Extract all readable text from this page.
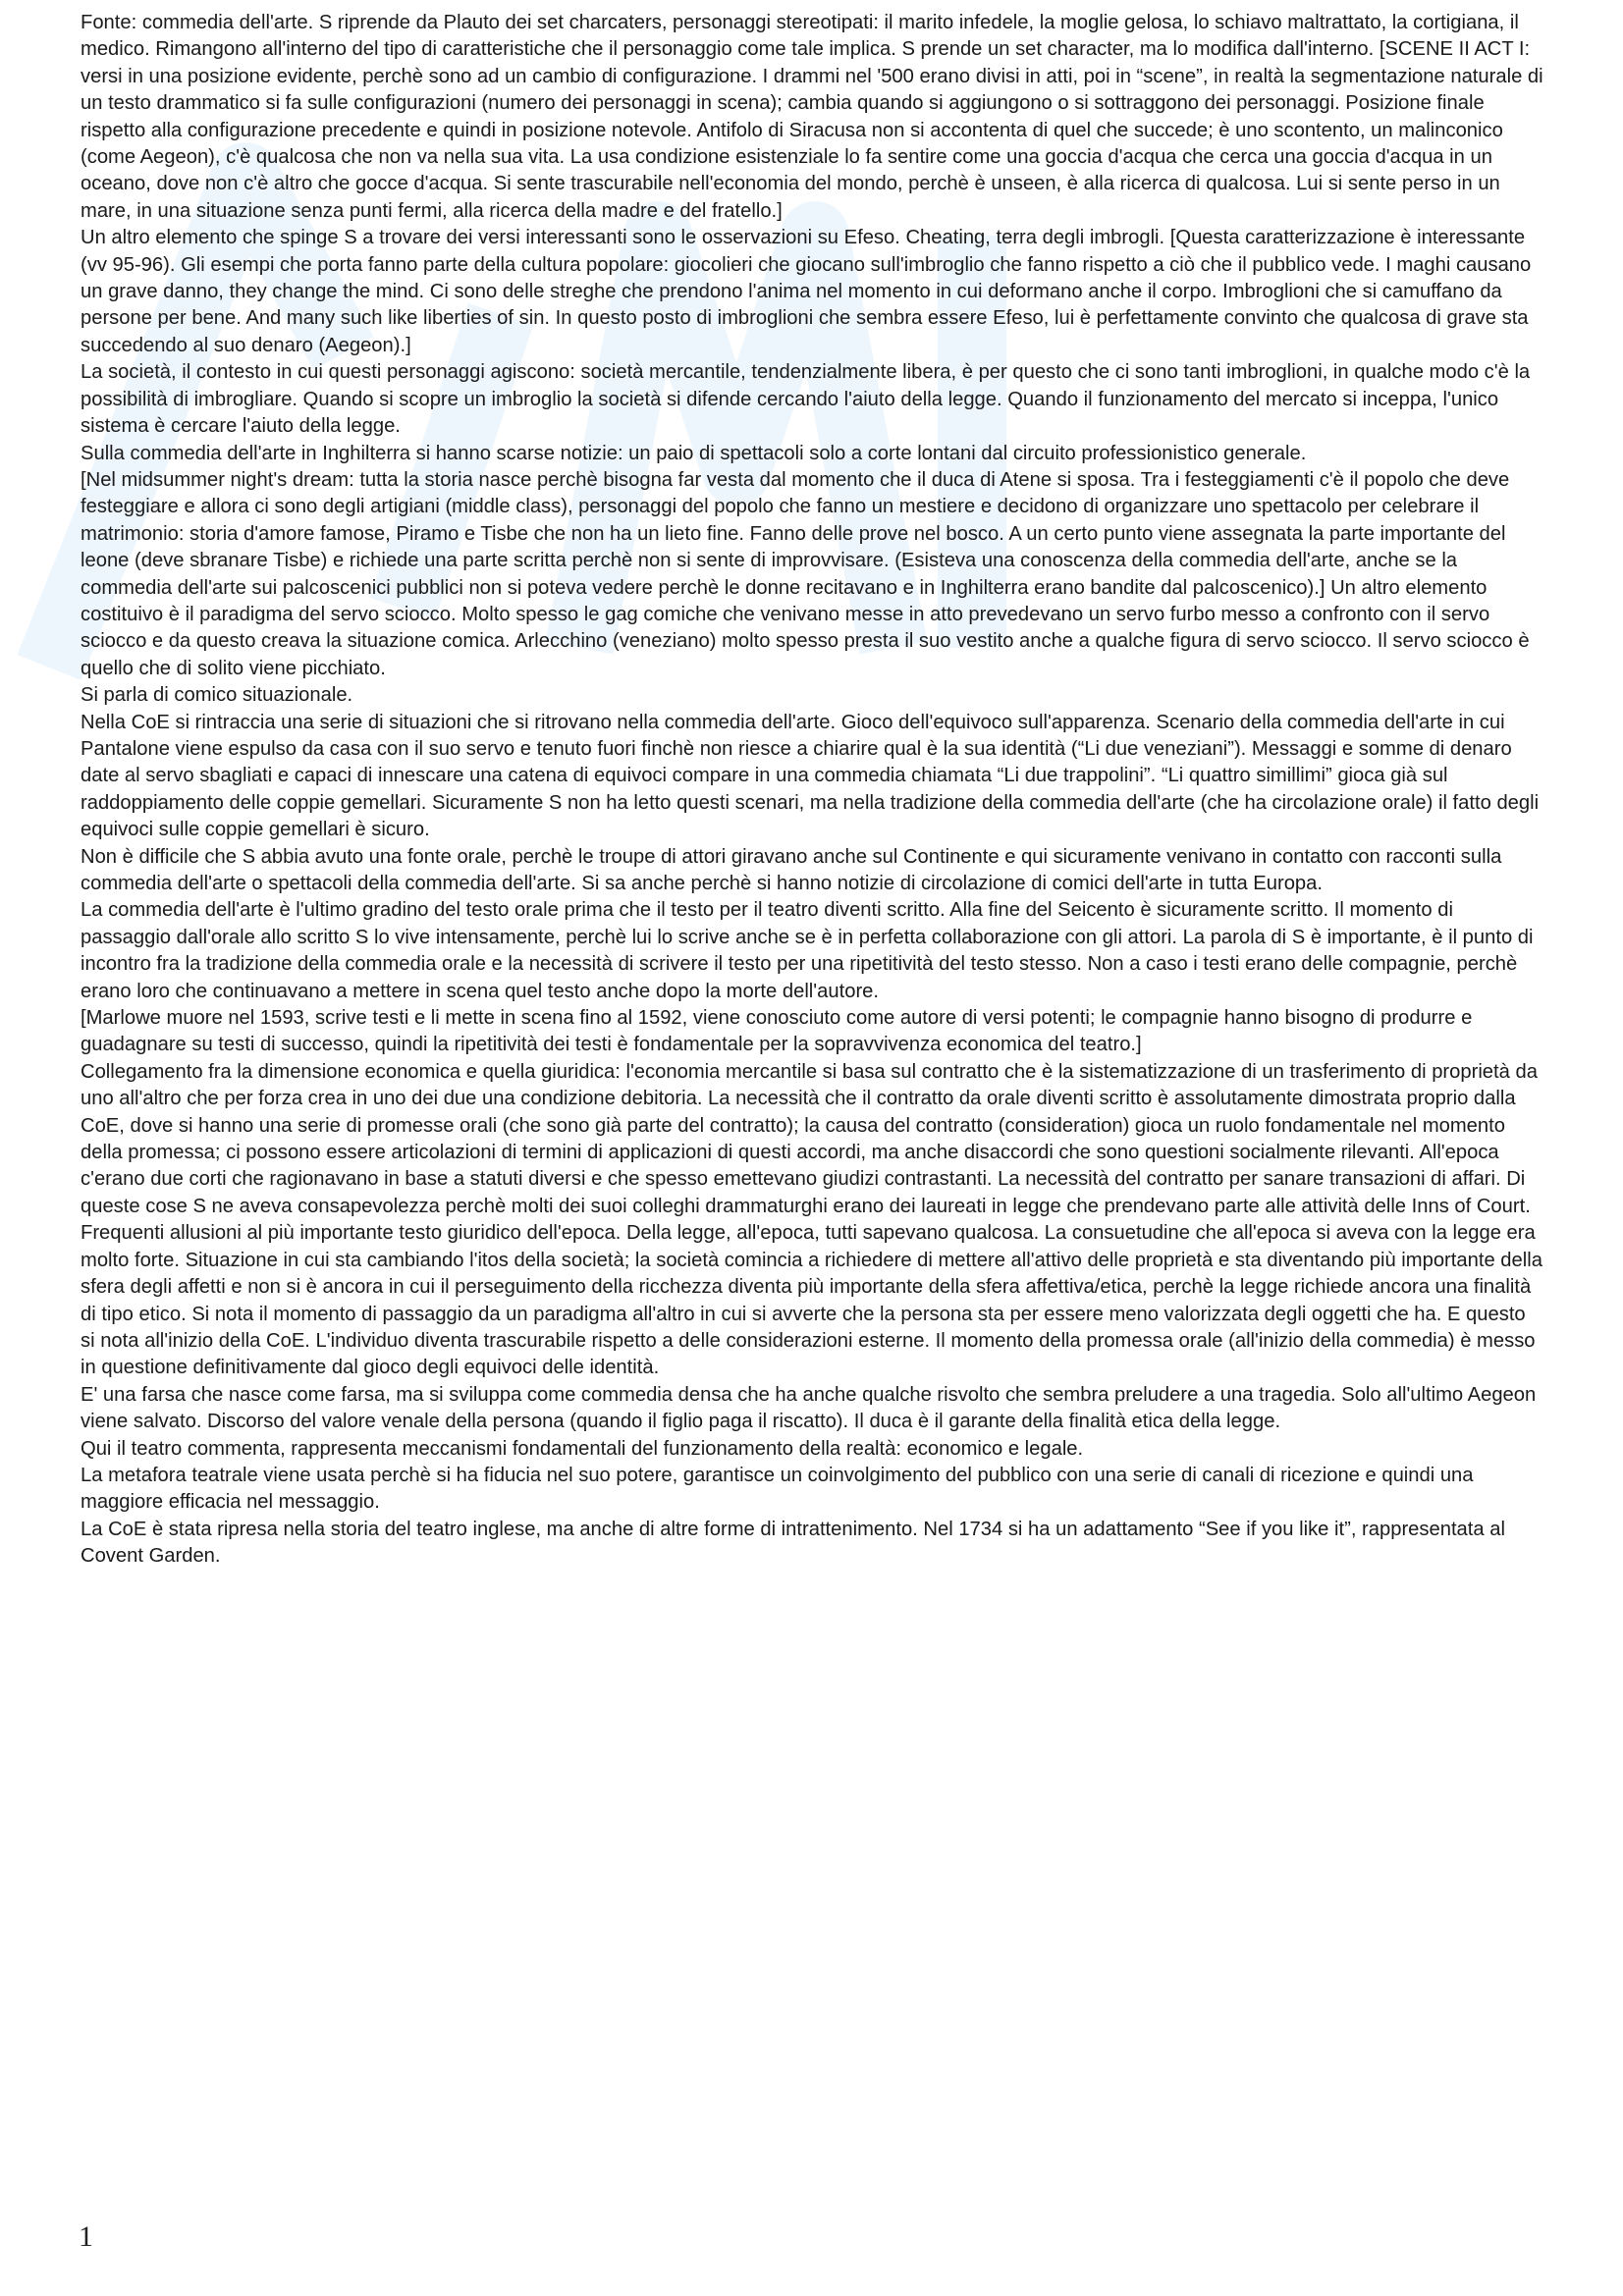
Fonte: commedia dell'arte. S riprende da Plauto dei set charcaters, personaggi stereotipati: il marito infedele, la moglie gelosa, lo schiavo maltrattato, la cortigiana, il medico. Rimangono all'interno del tipo di caratteristiche che il personaggio come tale implica. S prende un set character, ma lo modifica dall'interno. [SCENE II ACT I: versi in una posizione evidente, perchè sono ad un cambio di configurazione. I drammi nel '500 erano divisi in atti, poi in “scene”, in realtà la segmentazione naturale di un testo drammatico si fa sulle configurazioni (numero dei personaggi in scena); cambia quando si aggiungono o si sottraggono dei personaggi. Posizione finale rispetto alla configurazione precedente e quindi in posizione notevole. Antifolo di Siracusa non si accontenta di quel che succede; è uno scontento, un malinconico (come Aegeon), c'è qualcosa che non va nella sua vita. La usa condizione esistenziale lo fa sentire come una goccia d'acqua che cerca una goccia d'acqua in un oceano, dove non c'è altro che gocce d'acqua. Si sente trascurabile nell'economia del mondo, perchè è unseen, è alla ricerca di qualcosa. Lui si sente perso in un mare, in una situazione senza punti fermi, alla ricerca della madre e del fratello.]

Un altro elemento che spinge S a trovare dei versi interessanti sono le osservazioni su Efeso. Cheating, terra degli imbrogli. [Questa caratterizzazione è interessante (vv 95-96). Gli esempi che porta fanno parte della cultura popolare: giocolieri che giocano sull'imbroglio che fanno rispetto a ciò che il pubblico vede. I maghi causano un grave danno, they change the mind. Ci sono delle streghe che prendono l'anima nel momento in cui deformano anche il corpo. Imbroglioni che si camuffano da persone per bene. And many such like liberties of sin. In questo posto di imbroglioni che sembra essere Efeso, lui è perfettamente convinto che qualcosa di grave sta succedendo al suo denaro (Aegeon).]

La società, il contesto in cui questi personaggi agiscono: società mercantile, tendenzialmente libera, è per questo che ci sono tanti imbroglioni, in qualche modo c'è la possibilità di imbrogliare. Quando si scopre un imbroglio la società si difende cercando l'aiuto della legge. Quando il funzionamento del mercato si inceppa, l'unico sistema è cercare l'aiuto della legge.

Sulla commedia dell'arte in Inghilterra si hanno scarse notizie: un paio di spettacoli solo a corte lontani dal circuito professionistico generale.

[Nel midsummer night's dream: tutta la storia nasce perchè bisogna far vesta dal momento che il duca di Atene si sposa. Tra i festeggiamenti c'è il popolo che deve festeggiare e allora ci sono degli artigiani (middle class), personaggi del popolo che fanno un mestiere e decidono di organizzare uno spettacolo per celebrare il matrimonio: storia d'amore famose, Piramo e Tisbe che non ha un lieto fine. Fanno delle prove nel bosco. A un certo punto viene assegnata la parte importante del leone (deve sbranare Tisbe) e richiede una parte scritta perchè non si sente di improvvisare. (Esisteva una conoscenza della commedia dell'arte, anche se la commedia dell'arte sui palcoscenici pubblici non si poteva vedere perchè le donne recitavano e in Inghilterra erano bandite dal palcoscenico).] Un altro elemento costituivo è il paradigma del servo sciocco. Molto spesso le gag comiche che venivano messe in atto prevedevano un servo furbo messo a confronto con il servo sciocco e da questo creava la situazione comica. Arlecchino (veneziano) molto spesso presta il suo vestito anche a qualche figura di servo sciocco. Il servo sciocco è quello che di solito viene picchiato.

Si parla di comico situazionale.

Nella CoE si rintraccia una serie di situazioni che si ritrovano nella commedia dell'arte. Gioco dell'equivoco sull'apparenza. Scenario della commedia dell'arte in cui Pantalone viene espulso da casa con il suo servo e tenuto fuori finchè non riesce a chiarire qual è la sua identità (“Li due veneziani”). Messaggi e somme di denaro date al servo sbagliati e capaci di innescare una catena di equivoci compare in una commedia chiamata “Li due trappolini”. “Li quattro simillimi” gioca già sul raddoppiamento delle coppie gemellari. Sicuramente S non ha letto questi scenari, ma nella tradizione della commedia dell'arte (che ha circolazione orale) il fatto degli equivoci sulle coppie gemellari è sicuro.

Non è difficile che S abbia avuto una fonte orale, perchè le troupe di attori giravano anche sul Continente e qui sicuramente venivano in contatto con racconti sulla commedia dell'arte o spettacoli della commedia dell'arte. Si sa anche perchè si hanno notizie di circolazione di comici dell'arte in tutta Europa.

La commedia dell'arte è l'ultimo gradino del testo orale prima che il testo per il teatro diventi scritto. Alla fine del Seicento è sicuramente scritto. Il momento di passaggio dall'orale allo scritto S lo vive intensamente, perchè lui lo scrive anche se è in perfetta collaborazione con gli attori. La parola di S è importante, è il punto di incontro fra la tradizione della commedia orale e la necessità di scrivere il testo per una ripetitività del testo stesso. Non a caso i testi erano delle compagnie, perchè erano loro che continuavano a mettere in scena quel testo anche dopo la morte dell'autore.

[Marlowe muore nel 1593, scrive testi e li mette in scena fino al 1592, viene conosciuto come autore di versi potenti; le compagnie hanno bisogno di produrre e guadagnare su testi di successo, quindi la ripetitività dei testi è fondamentale per la sopravvivenza economica del teatro.]

Collegamento fra la dimensione economica e quella giuridica: l'economia mercantile si basa sul contratto che è la sistematizzazione di un trasferimento di proprietà da uno all'altro che per forza crea in uno dei due una condizione debitoria. La necessità che il contratto da orale diventi scritto è assolutamente dimostrata proprio dalla CoE, dove si hanno una serie di promesse orali (che sono già parte del contratto); la causa del contratto (consideration) gioca un ruolo fondamentale nel momento della promessa; ci possono essere articolazioni di termini di applicazioni di questi accordi, ma anche disaccordi che sono questioni socialmente rilevanti. All'epoca c'erano due corti che ragionavano in base a statuti diversi e che spesso emettevano giudizi contrastanti. La necessità del contratto per sanare transazioni di affari. Di queste cose S ne aveva consapevolezza perchè molti dei suoi colleghi drammaturghi erano dei laureati in legge che prendevano parte alle attività delle Inns of Court. Frequenti allusioni al più importante testo giuridico dell'epoca. Della legge, all'epoca, tutti sapevano qualcosa. La consuetudine che all'epoca si aveva con la legge era molto forte. Situazione in cui sta cambiando l'itos della società; la società comincia a richiedere di mettere all'attivo delle proprietà e sta diventando più importante della sfera degli affetti e non si è ancora in cui il perseguimento della ricchezza diventa più importante della sfera affettiva/etica, perchè la legge richiede ancora una finalità di tipo etico. Si nota il momento di passaggio da un paradigma all'altro in cui si avverte che la persona sta per essere meno valorizzata degli oggetti che ha. E questo si nota all'inizio della CoE. L'individuo diventa trascurabile rispetto a delle considerazioni esterne. Il momento della promessa orale (all'inizio della commedia) è messo in questione definitivamente dal gioco degli equivoci delle identità.

E' una farsa che nasce come farsa, ma si sviluppa come commedia densa che ha anche qualche risvolto che sembra preludere a una tragedia. Solo all'ultimo Aegeon viene salvato. Discorso del valore venale della persona (quando il figlio paga il riscatto). Il duca è il garante della finalità etica della legge.

Qui il teatro commenta, rappresenta meccanismi fondamentali del funzionamento della realtà: economico e legale.

La metafora teatrale viene usata perchè si ha fiducia nel suo potere, garantisce un coinvolgimento del pubblico con una serie di canali di ricezione e quindi una maggiore efficacia nel messaggio.

La CoE è stata ripresa nella storia del teatro inglese, ma anche di altre forme di intrattenimento. Nel 1734 si ha un adattamento “See if you like it”, rappresentata al Covent Garden.

1
